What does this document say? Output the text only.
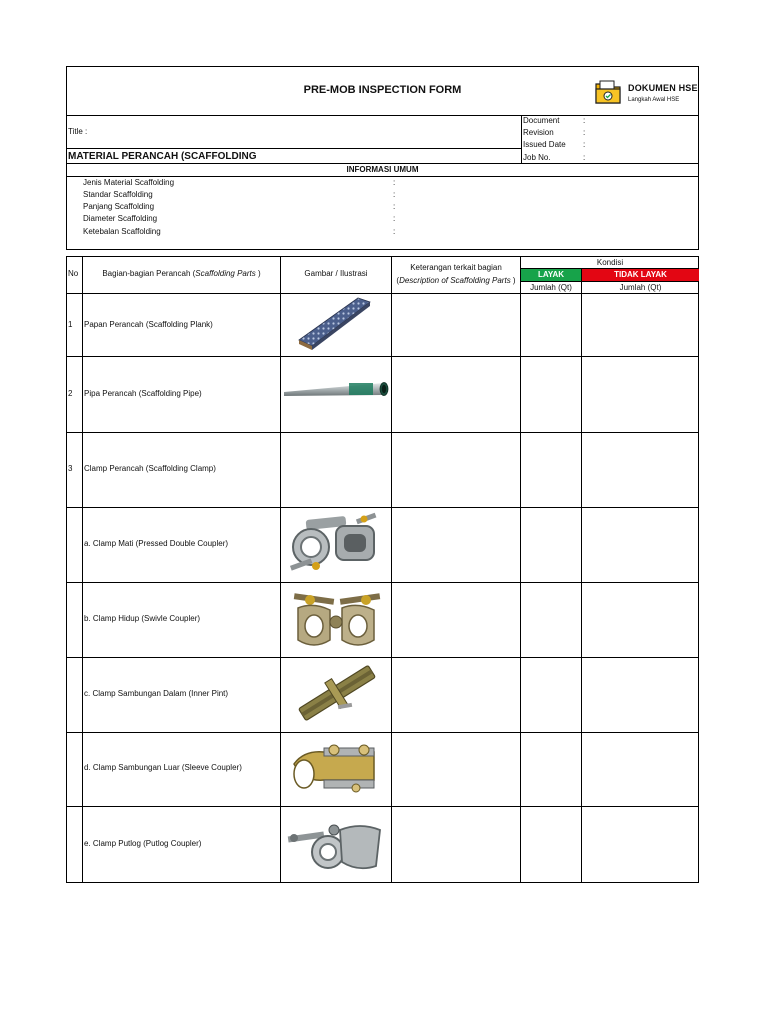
PRE-MOB INSPECTION FORM	DOKUMEN HSE
Langkah Awal HSE
Title :
MATERIAL PERANCAH (SCAFFOLDING
Document	:
Revision	:
Issued Date :
Job No.	:
INFORMASI UMUM
Jenis Material Scaffolding	:
Standar Scaffolding	:
Panjang Scaffolding	:
Diameter Scaffolding	:
Ketebalan Scaffolding	:
No	Bagian-bagian Perancah (Scaffolding Parts )	Gambar / Ilustrasi
Keterangan terkait bagian
(Description of Scaffolding Parts )
Kondisi
LAYAK	TIDAK LAYAK
Jumlah (Qt)	Jumlah (Qt)
1 Papan Perancah (Scaffolding Plank)
2 Pipa Perancah (Scaffolding Pipe)
3 Clamp Perancah (Scaffolding Clamp)
a. Clamp Mati (Pressed Double Coupler)
b. Clamp Hidup (Swivle Coupler)
c. Clamp Sambungan Dalam (Inner Pint)
d. Clamp Sambungan Luar (Sleeve Coupler)
e. Clamp Putlog (Putlog Coupler)
